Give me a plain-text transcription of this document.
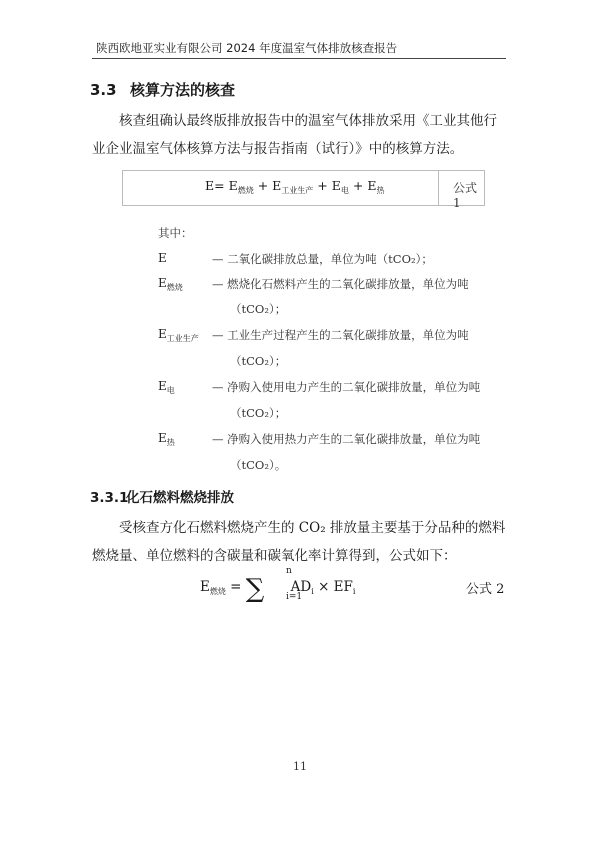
陕西欧地亚实业有限公司 2024 年度温室气体排放核查报告
3.3 核算方法的核查
核查组确认最终版排放报告中的温室气体排放采用《工业其他行业企业温室气体核算方法与报告指南（试行）》中的核算方法。
$E= E_{燃烧} + E_{工业生产} + E_电 + E_热$	公式 1
其中：
E	— 二氧化碳排放总量，单位为吨（tCO₂）；
$E_{燃烧}$	— 燃烧化石燃料产生的二氧化碳排放量，单位为吨
（tCO₂）；
$E_{工业生产}$ — 工业生产过程产生的二氧化碳排放量，单位为吨
（tCO₂）；
$E_电$	— 净购入使用电力产生的二氧化碳排放量，单位为吨
（tCO₂）；
$E_热$	— 净购入使用热力产生的二氧化碳排放量，单位为吨
（tCO₂）。
3.3.1化石燃料燃烧排放
受核查方化石燃料燃烧产生的 CO₂ 排放量主要基于分品种的燃料燃烧量、单位燃料的含碳量和碳氧化率计算得到，公式如下：
$E_{燃烧}$ = ∑
n
i=1
$AD_i \times EF_i$	公式 2
11
